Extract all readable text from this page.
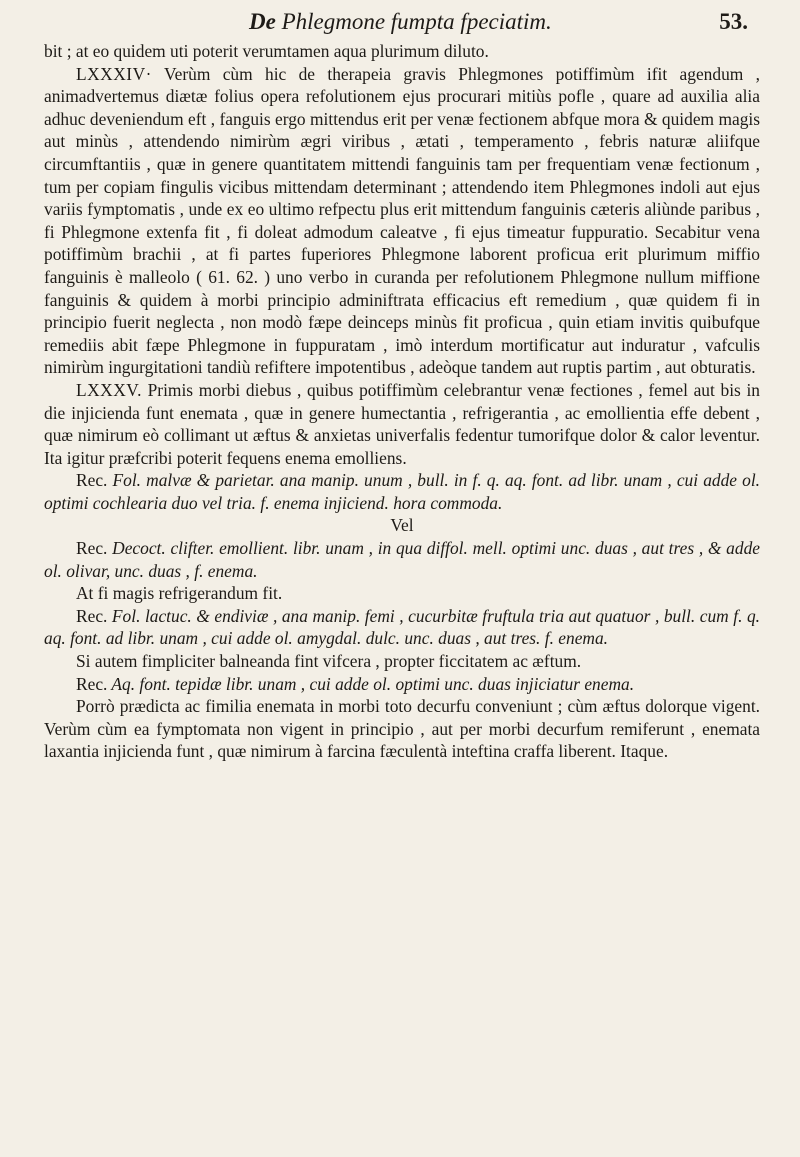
De Phlegmone fumpta fpeciatim.	53.

bit ; at eo quidem uti poterit verumtamen aqua plurimum diluto.

LXXXIV· Verùm cùm hic de therapeia gravis Phlegmones potiffimùm ifit agendum , animadvertemus diætæ folius opera refolutionem ejus procurari mitiùs pofle , quare ad auxilia alia adhuc deveniendum eft , fanguis ergo mittendus erit per venæ fectionem abfque mora & quidem magis aut minùs , attendendo nimirùm ægri viribus , ætati , temperamento , febris naturæ aliifque circumftantiis , quæ in genere quantitatem mittendi fanguinis tam per frequentiam venæ fectionum , tum per copiam fingulis vicibus mittendam determinant ; attendendo item Phlegmones indoli aut ejus variis fymptomatis , unde ex eo ultimo refpectu plus erit mittendum fanguinis cæteris aliùnde paribus , fi Phlegmone extenfa fit , fi doleat admodum caleatve , fi ejus timeatur fuppuratio. Secabitur vena potiffimùm brachii , at fi partes fuperiores Phlegmone laborent proficua erit plurimum miffio fanguinis è malleolo ( 61. 62. ) uno verbo in curanda per refolutionem Phlegmone nullum miffione fanguinis & quidem à morbi principio adminiftrata efficacius eft remedium , quæ quidem fi in principio fuerit neglecta , non modò fæpe deinceps minùs fit proficua , quin etiam invitis quibufque remediis abit fæpe Phlegmone in fuppuratam , imò interdum mortificatur aut induratur , vafculis nimirùm ingurgitationi tandiù refiftere impotentibus , adeòque tandem aut ruptis partim , aut obturatis.

LXXXV. Primis morbi diebus , quibus potiffimùm celebrantur venæ fectiones , femel aut bis in die injicienda funt enemata , quæ in genere humectantia , refrigerantia , ac emollientia effe debent , quæ nimirum eò collimant ut æftus & anxietas univerfalis fedentur tumorifque dolor & calor leventur. Ita igitur præfcribi poterit fequens enema emolliens.

Rec. Fol. malvæ & parietar. ana manip. unum , bull. in f. q. aq. font. ad libr. unam , cui adde ol. optimi cochlearia duo vel tria. f. enema injiciend. hora commoda.

Vel

Rec. Decoct. clifter. emollient. libr. unam , in qua diffol. mell. optimi unc. duas , aut tres , & adde ol. olivar, unc. duas , f. enema.

At fi magis refrigerandum fit.

Rec. Fol. lactuc. & endiviæ , ana manip. femi , cucurbitæ fruftula tria aut quatuor , bull. cum f. q. aq. font. ad libr. unam , cui adde ol. amygdal. dulc. unc. duas , aut tres. f. enema.

Si autem fimpliciter balneanda fint vifcera , propter ficcitatem ac æftum.

Rec. Aq. font. tepidæ libr. unam , cui adde ol. optimi unc. duas injiciatur enema.

Porrò prædicta ac fimilia enemata in morbi toto decurfu conveniunt ; cùm æftus dolorque vigent. Verùm cùm ea fymptomata non vigent in principio , aut per morbi decurfum remiferunt , enemata laxantia injicienda funt , quæ nimirum à farcina fæculentà inteftina craffa liberent. Itaque.
